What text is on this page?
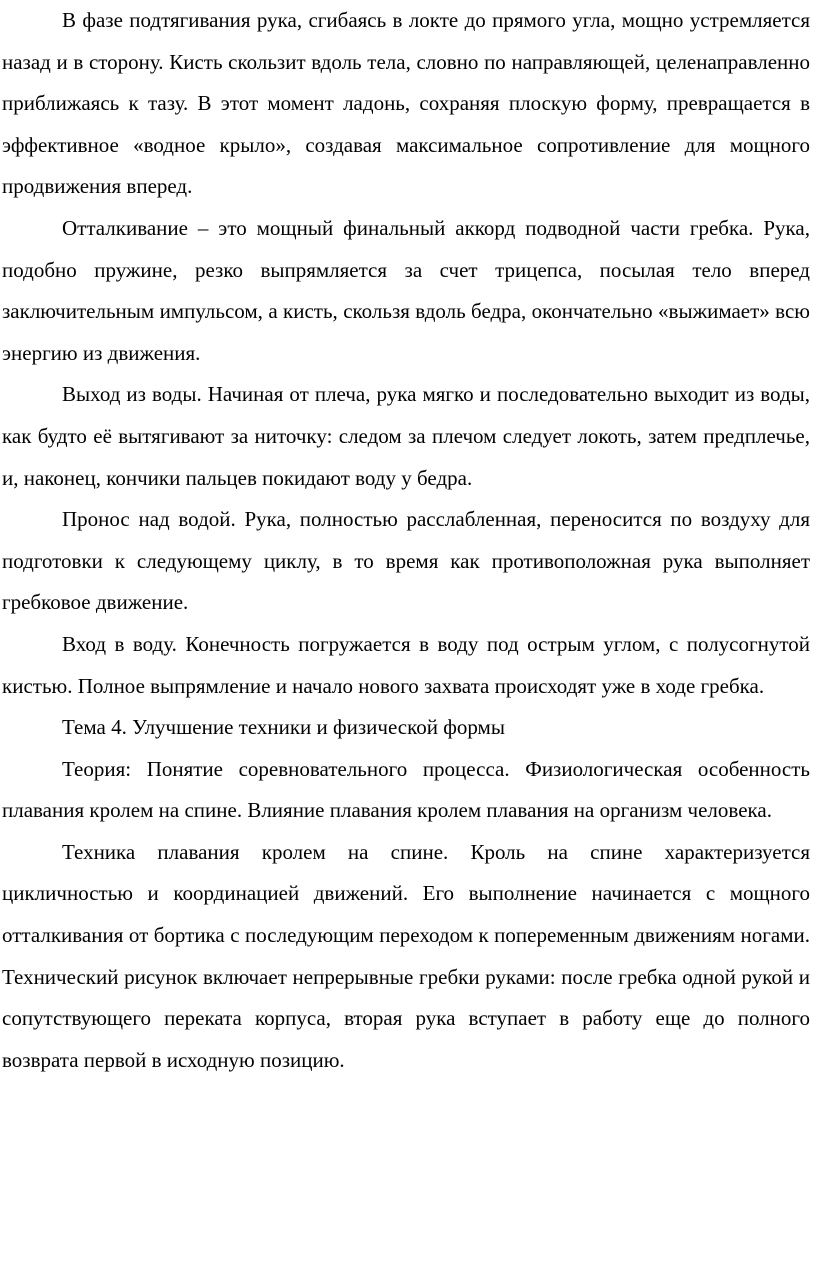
В фазе подтягивания рука, сгибаясь в локте до прямого угла, мощно устремляется назад и в сторону. Кисть скользит вдоль тела, словно по направляющей, целенаправленно приближаясь к тазу. В этот момент ладонь, сохраняя плоскую форму, превращается в эффективное «водное крыло», создавая максимальное сопротивление для мощного продвижения вперед.

Отталкивание – это мощный финальный аккорд подводной части гребка. Рука, подобно пружине, резко выпрямляется за счет трицепса, посылая тело вперед заключительным импульсом, а кисть, скользя вдоль бедра, окончательно «выжимает» всю энергию из движения.

Выход из воды. Начиная от плеча, рука мягко и последовательно выходит из воды, как будто её вытягивают за ниточку: следом за плечом следует локоть, затем предплечье, и, наконец, кончики пальцев покидают воду у бедра.

Пронос над водой. Рука, полностью расслабленная, переносится по воздуху для подготовки к следующему циклу, в то время как противоположная рука выполняет гребковое движение.

Вход в воду. Конечность погружается в воду под острым углом, с полусогнутой кистью. Полное выпрямление и начало нового захвата происходят уже в ходе гребка.

Тема 4. Улучшение техники и физической формы

Теория: Понятие соревновательного процесса. Физиологическая особенность плавания кролем на спине. Влияние плавания кролем плавания на организм человека.

Техника плавания кролем на спине. Кроль на спине характеризуется цикличностью и координацией движений. Его выполнение начинается с мощного отталкивания от бортика с последующим переходом к попеременным движениям ногами. Технический рисунок включает непрерывные гребки руками: после гребка одной рукой и сопутствующего переката корпуса, вторая рука вступает в работу еще до полного возврата первой в исходную позицию.
